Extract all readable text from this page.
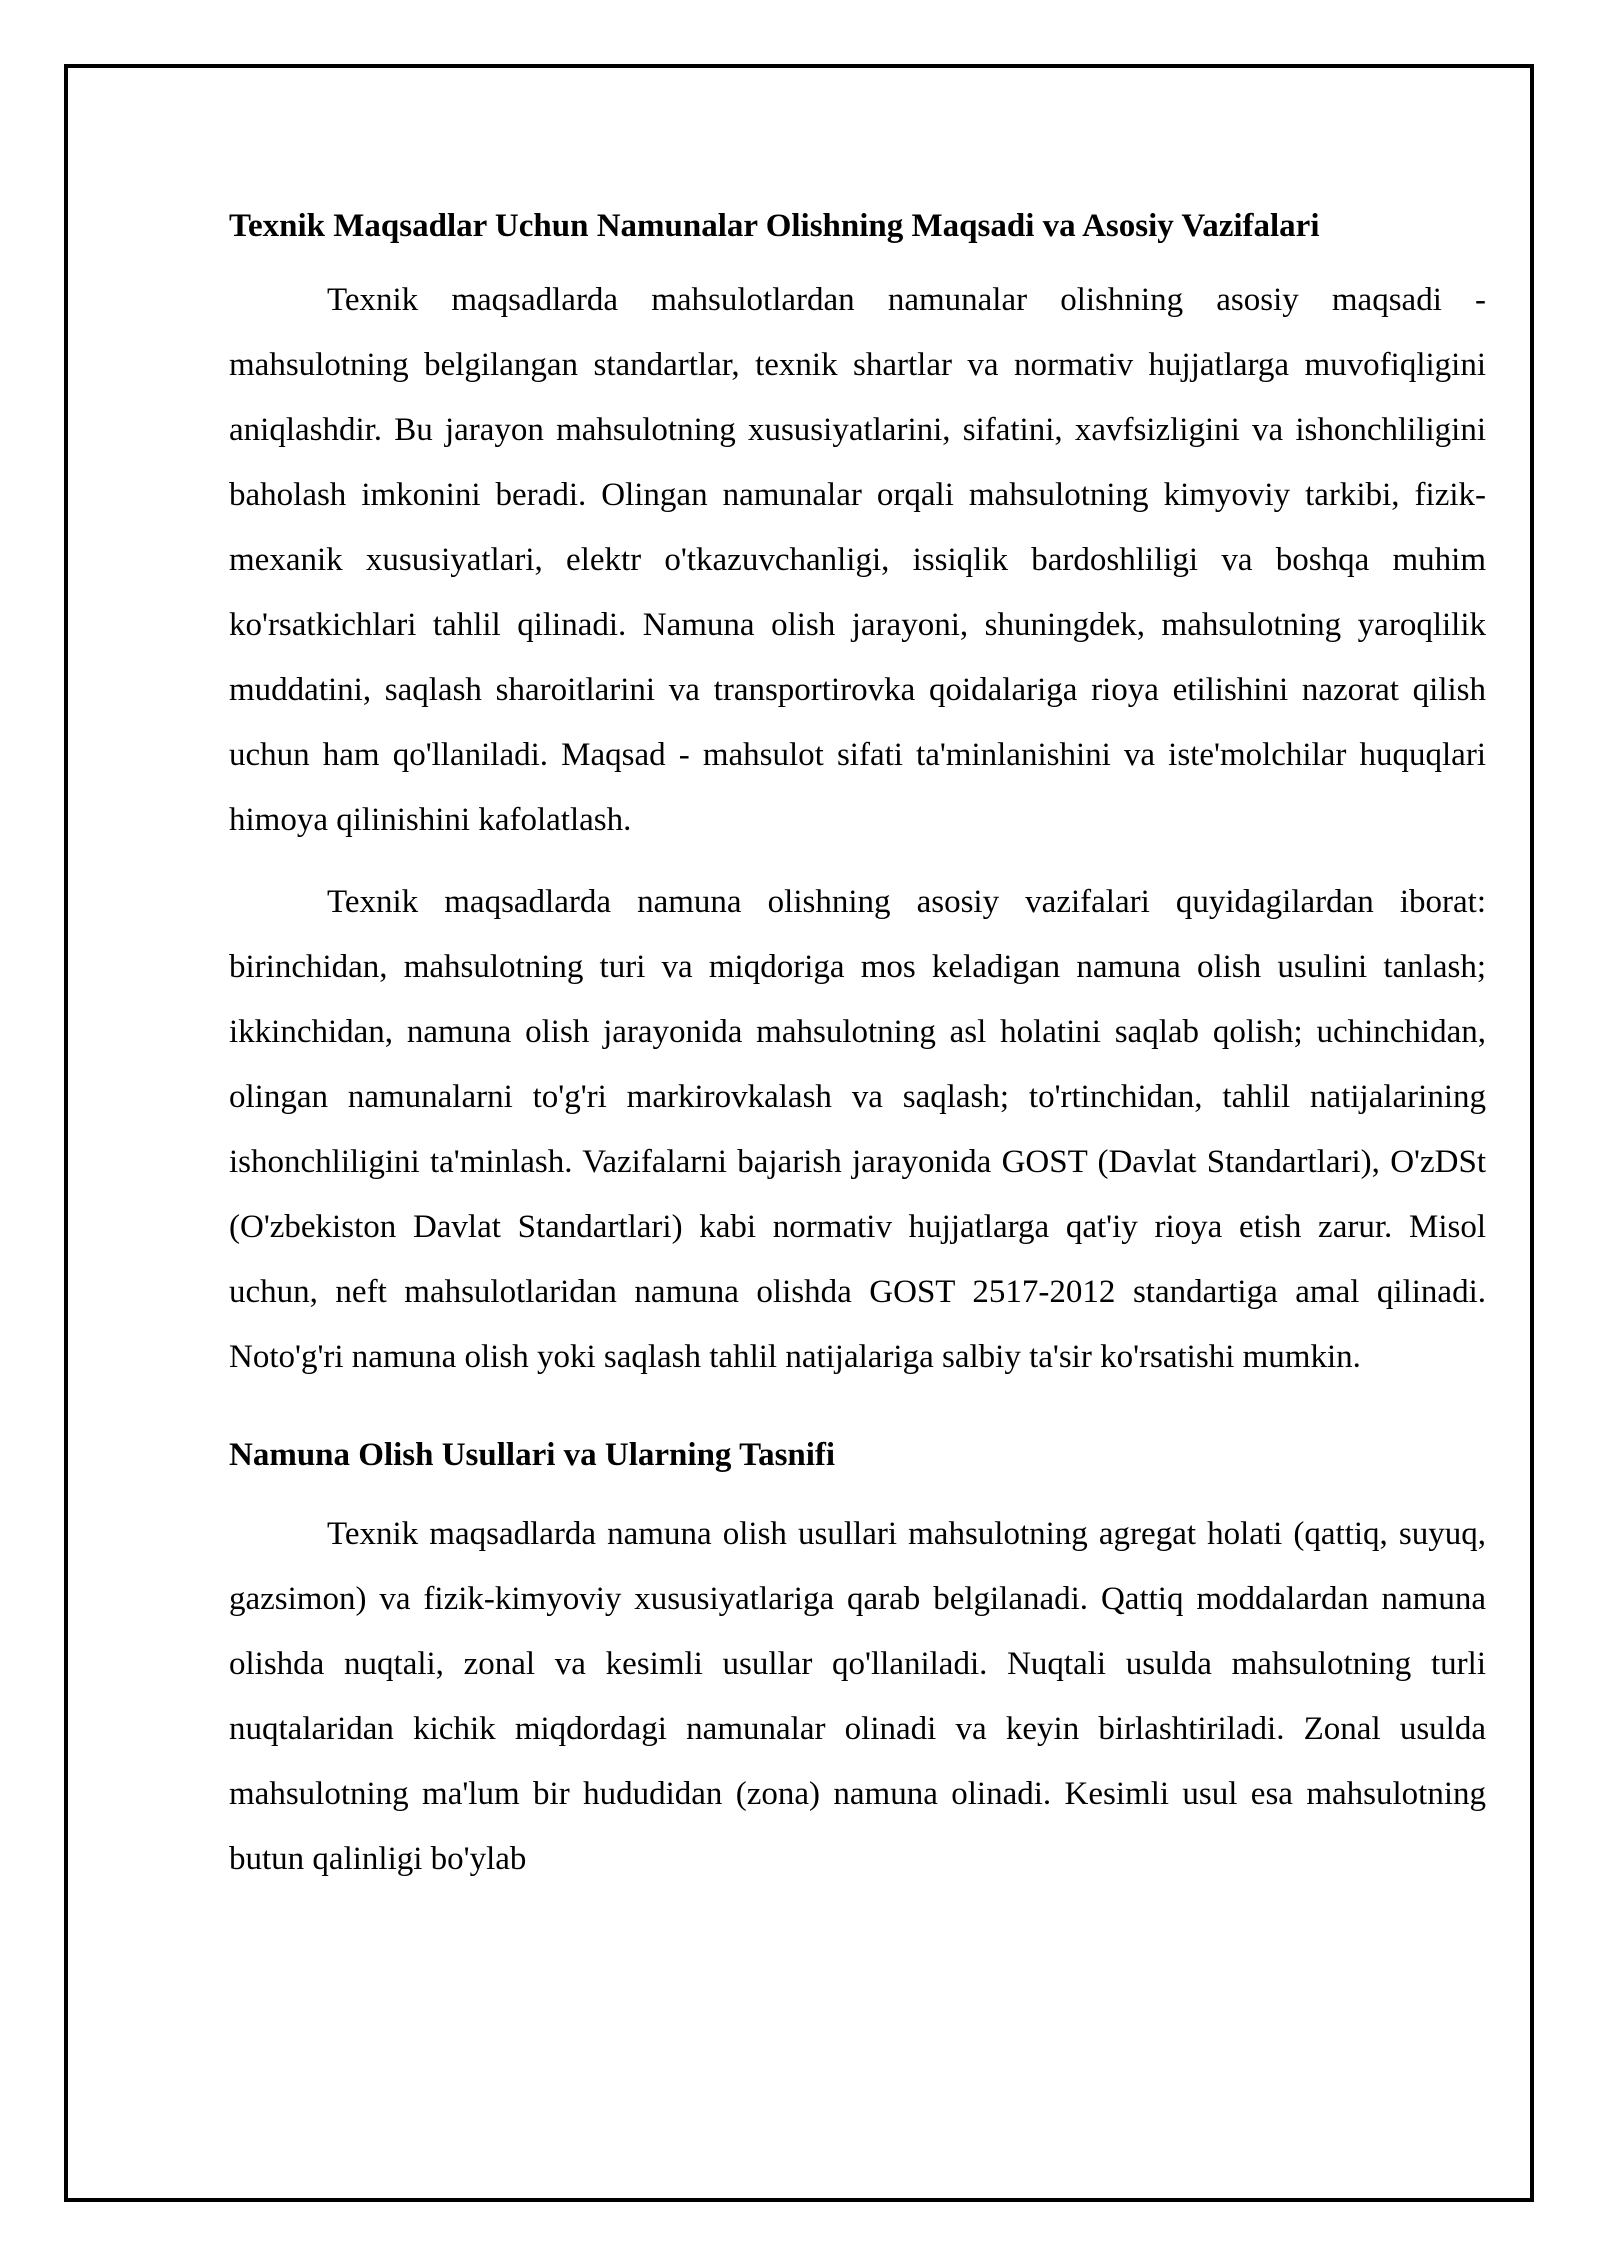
Texnik Maqsadlar Uchun Namunalar Olishning Maqsadi va Asosiy Vazifalari

Texnik maqsadlarda mahsulotlardan namunalar olishning asosiy maqsadi - mahsulotning belgilangan standartlar, texnik shartlar va normativ hujjatlarga muvofiqligini aniqlashdir. Bu jarayon mahsulotning xususiyatlarini, sifatini, xavfsizligini va ishonchliligini baholash imkonini beradi. Olingan namunalar orqali mahsulotning kimyoviy tarkibi, fizik-mexanik xususiyatlari, elektr o'tkazuvchanligi, issiqlik bardoshliligi va boshqa muhim ko'rsatkichlari tahlil qilinadi. Namuna olish jarayoni, shuningdek, mahsulotning yaroqlilik muddatini, saqlash sharoitlarini va transportirovka qoidalariga rioya etilishini nazorat qilish uchun ham qo'llaniladi. Maqsad - mahsulot sifati ta'minlanishini va iste'molchilar huquqlari himoya qilinishini kafolatlash.

Texnik maqsadlarda namuna olishning asosiy vazifalari quyidagilardan iborat: birinchidan, mahsulotning turi va miqdoriga mos keladigan namuna olish usulini tanlash; ikkinchidan, namuna olish jarayonida mahsulotning asl holatini saqlab qolish; uchinchidan, olingan namunalarni to'g'ri markirovkalash va saqlash; to'rtinchidan, tahlil natijalarining ishonchliligini ta'minlash. Vazifalarni bajarish jarayonida GOST (Davlat Standartlari), O'zDSt (O'zbekiston Davlat Standartlari) kabi normativ hujjatlarga qat'iy rioya etish zarur. Misol uchun, neft mahsulotlaridan namuna olishda GOST 2517-2012 standartiga amal qilinadi. Noto'g'ri namuna olish yoki saqlash tahlil natijalariga salbiy ta'sir ko'rsatishi mumkin.

Namuna Olish Usullari va Ularning Tasnifi

Texnik maqsadlarda namuna olish usullari mahsulotning agregat holati (qattiq, suyuq, gazsimon) va fizik-kimyoviy xususiyatlariga qarab belgilanadi. Qattiq moddalardan namuna olishda nuqtali, zonal va kesimli usullar qo'llaniladi. Nuqtali usulda mahsulotning turli nuqtalaridan kichik miqdordagi namunalar olinadi va keyin birlashtiriladi. Zonal usulda mahsulotning ma'lum bir hududidan (zona) namuna olinadi. Kesimli usul esa mahsulotning butun qalinligi bo'ylab
